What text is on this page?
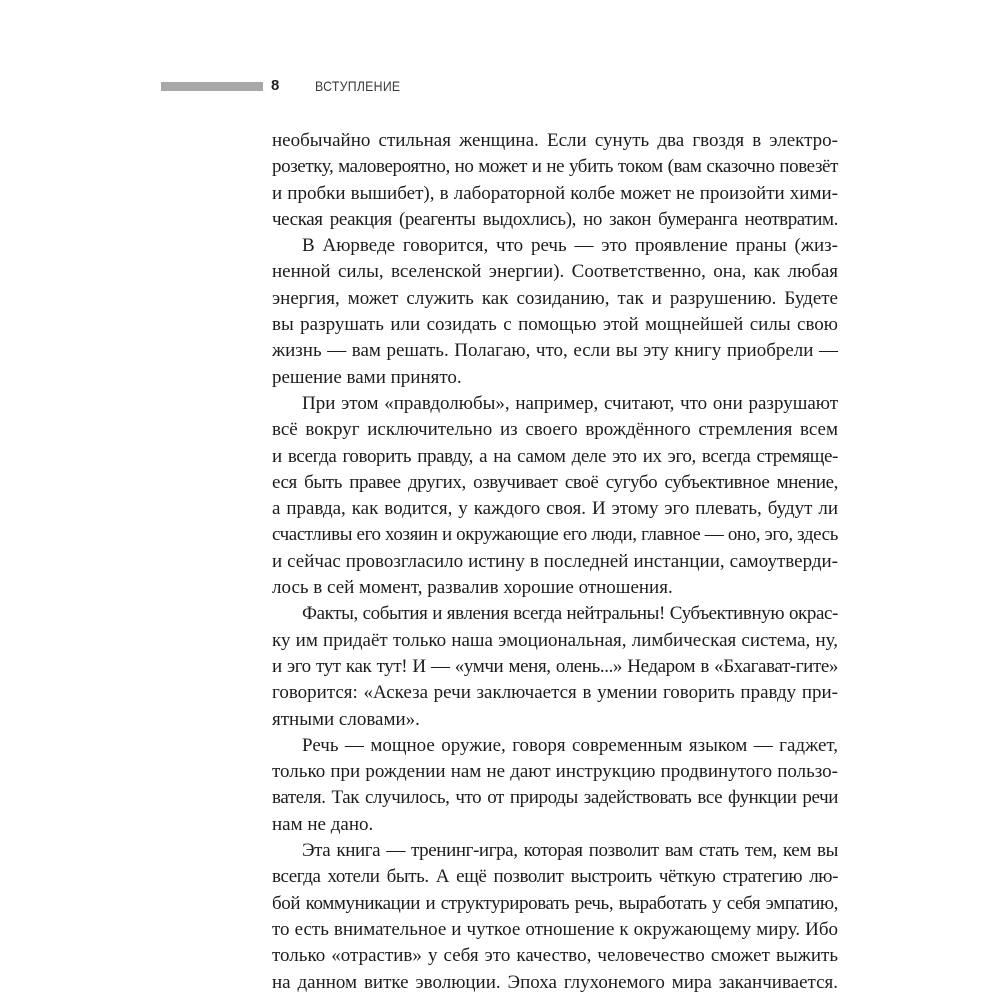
8	ВСТУПЛЕНИЕ

необычайно стильная женщина. Если сунуть два гвоздя в электро-
розетку, маловероятно, но может и не убить током (вам сказочно повезёт
и пробки вышибет), в лабораторной колбе может не произойти хими-
ческая реакция (реагенты выдохлись), но закон бумеранга неотвратим.

В Аюрведе говорится, что речь — это проявление праны (жиз-
ненной силы, вселенской энергии). Соответственно, она, как любая
энергия, может служить как созиданию, так и разрушению. Будете
вы разрушать или созидать с помощью этой мощнейшей силы свою
жизнь — вам решать. Полагаю, что, если вы эту книгу приобрели —
решение вами принято.

При этом «правдолюбы», например, считают, что они разрушают
всё вокруг исключительно из своего врождённого стремления всем
и всегда говорить правду, а на самом деле это их эго, всегда стремяще-
еся быть правее других, озвучивает своё сугубо субъективное мнение,
а правда, как водится, у каждого своя. И этому эго плевать, будут ли
счастливы его хозяин и окружающие его люди, главное — оно, эго, здесь
и сейчас провозгласило истину в последней инстанции, самоутверди-
лось в сей момент, развалив хорошие отношения.

Факты, события и явления всегда нейтральны! Субъективную окрас-
ку им придаёт только наша эмоциональная, лимбическая система, ну,
и эго тут как тут! И — «умчи меня, олень...» Недаром в «Бхагават-гите»
говорится: «Аскеза речи заключается в умении говорить правду при-
ятными словами».

Речь — мощное оружие, говоря современным языком — гаджет,
только при рождении нам не дают инструкцию продвинутого пользо-
вателя. Так случилось, что от природы задействовать все функции речи
нам не дано.

Эта книга — тренинг-игра, которая позволит вам стать тем, кем вы
всегда хотели быть. А ещё позволит выстроить чёткую стратегию лю-
бой коммуникации и структурировать речь, выработать у себя эмпатию,
то есть внимательное и чуткое отношение к окружающему миру. Ибо
только «отрастив» у себя это качество, человечество сможет выжить
на данном витке эволюции. Эпоха глухонемого мира заканчивается.
